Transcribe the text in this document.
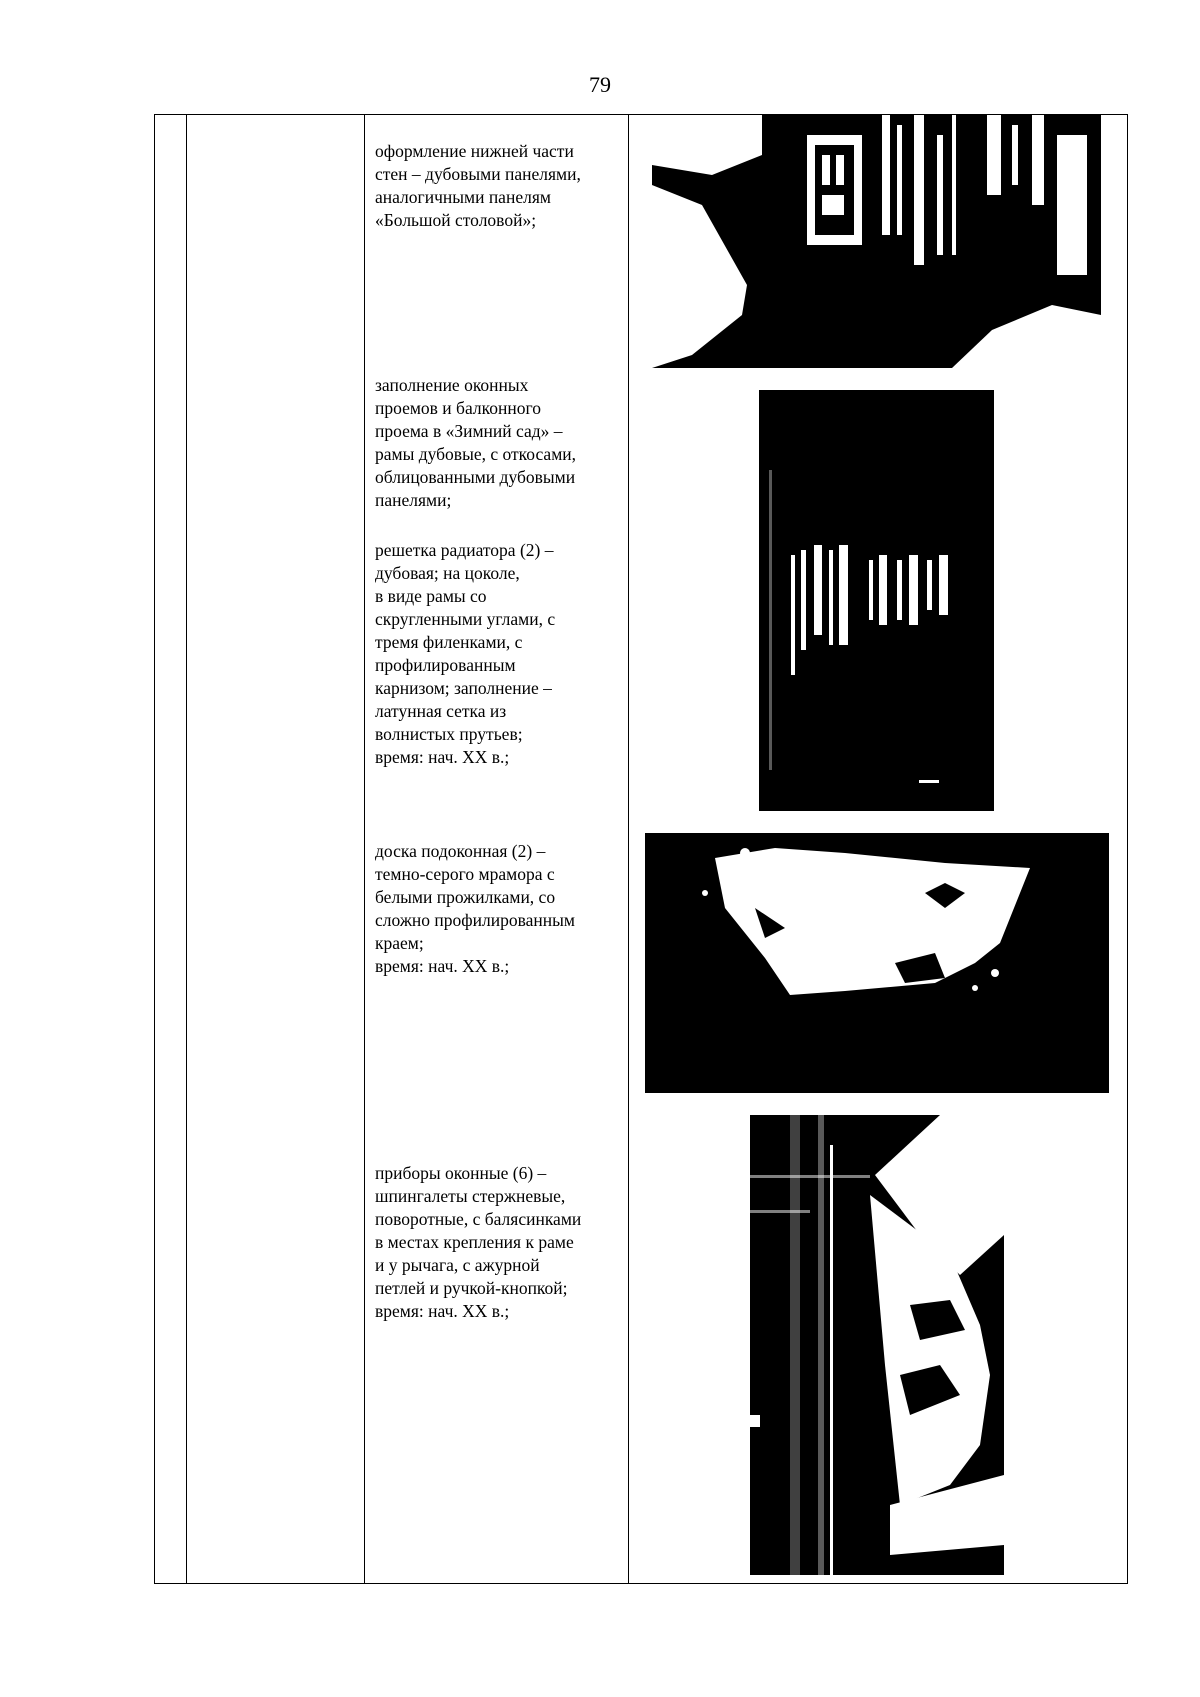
79
оформление нижней части
стен – дубовыми панелями,
аналогичными панелям
«Большой столовой»;
заполнение оконных
проемов и балконного
проема в «Зимний сад» –
рамы дубовые, с откосами,
облицованными дубовыми
панелями;
решетка радиатора (2) –
дубовая; на цоколе,
в виде рамы со
скругленными углами, с
тремя филенками, с
профилированным
карнизом; заполнение –
латунная сетка из
волнистых прутьев;
время: нач. XX в.;
доска подоконная (2) –
темно-серого мрамора с
белыми прожилками, со
сложно профилированным
краем;
время: нач. XX в.;
приборы оконные (6) –
шпингалеты стержневые,
поворотные, с балясинками
в местах крепления к раме
и у рычага, с ажурной
петлей и ручкой-кнопкой;
время: нач. XX в.;
